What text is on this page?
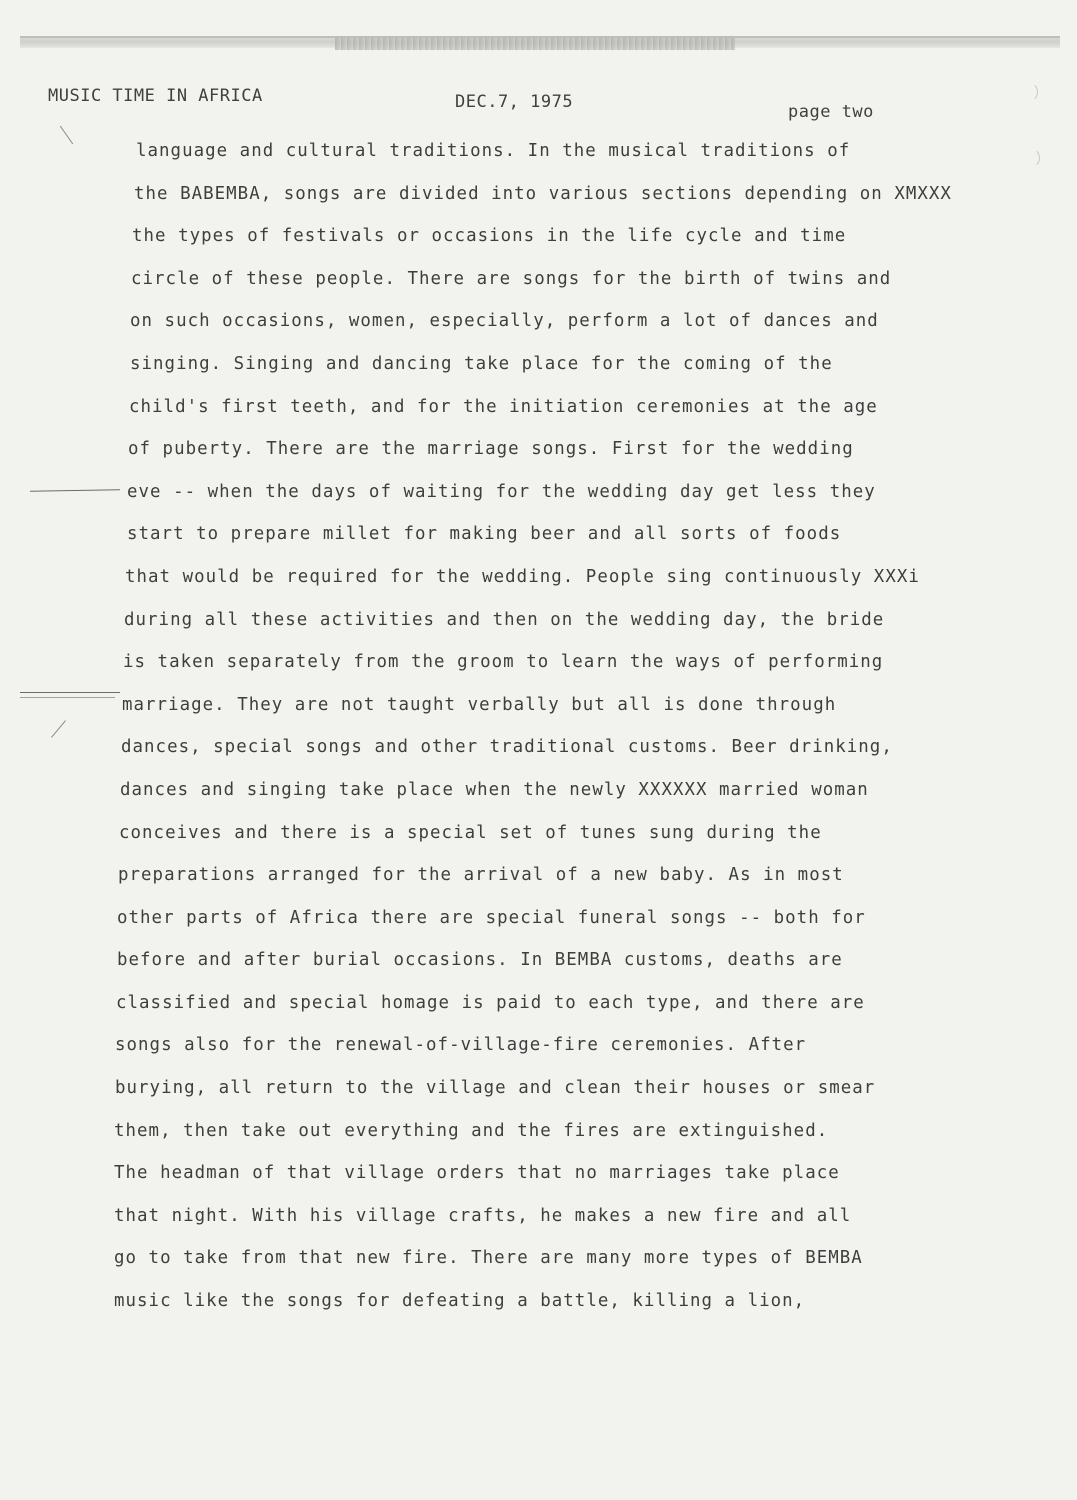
MUSIC TIME IN AFRICA	DEC.7, 1975	page two
language and cultural traditions. In the musical traditions of
the BABEMBA, songs are divided into various sections depending on XMXXX
the types of festivals or occasions in the life cycle and time
circle of these people. There are songs for the birth of twins and
on such occasions, women, especially, perform a lot of dances and
singing. Singing and dancing take place for the coming of the
child's first teeth, and for the initiation ceremonies at the age
of puberty. There are the marriage songs. First for the wedding
eve -- when the days of waiting for the wedding day get less they
start to prepare millet for making beer and all sorts of foods
that would be required for the wedding. People sing continuously XXXi
during all these activities and then on the wedding day, the bride
is taken separately from the groom to learn the ways of performing
marriage. They are not taught verbally but all is done through
dances, special songs and other traditional customs. Beer drinking,
dances and singing take place when the newly XXXXXX married woman
conceives and there is a special set of tunes sung during the
preparations arranged for the arrival of a new baby. As in most
other parts of Africa there are special funeral songs -- both for
before and after burial occasions. In BEMBA customs, deaths are
classified and special homage is paid to each type, and there are
songs also for the renewal-of-village-fire ceremonies. After
burying, all return to the village and clean their houses or smear
them, then take out everything and the fires are extinguished.
The headman of that village orders that no marriages take place
that night. With his village crafts, he makes a new fire and all
go to take from that new fire. There are many more types of BEMBA
music like the songs for defeating a battle, killing a lion,
